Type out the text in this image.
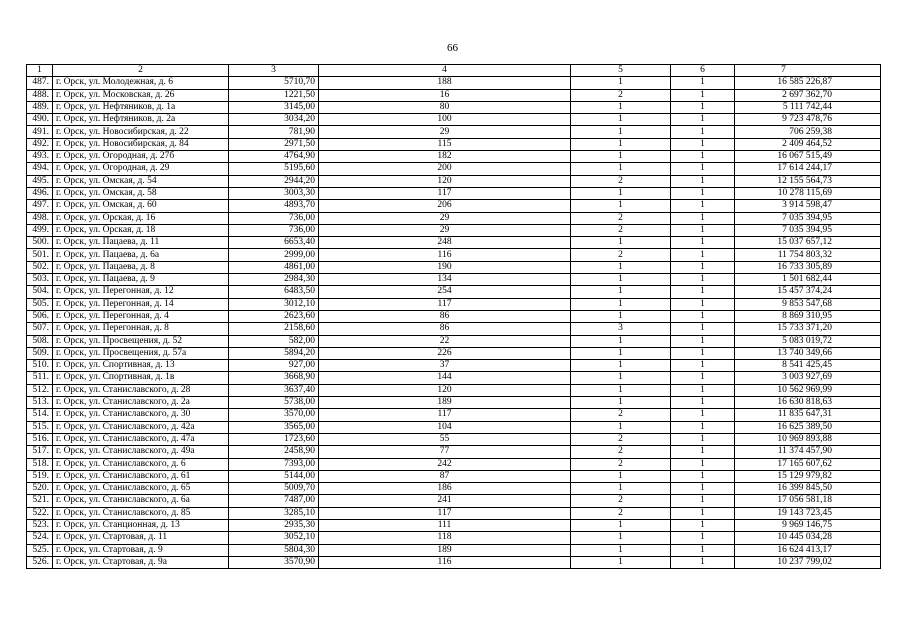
66
1	2	3	4	5	6	7
487.	г. Орск, ул. Молодежная, д. 6	5710,70	188	1	1	16 585 226,87
488.	г. Орск, ул. Московская, д. 26	1221,50	16	2	1	2 697 362,70
489.	г. Орск, ул. Нефтяников, д. 1а	3145,00	80	1	1	5 111 742,44
490.	г. Орск, ул. Нефтяников, д. 2а	3034,20	100	1	1	9 723 478,76
491.	г. Орск, ул. Новосибирская, д. 22	781,90	29	1	1	706 259,38
492.	г. Орск, ул. Новосибирская, д. 84	2971,50	115	1	1	2 409 464,52
493.	г. Орск, ул. Огородная, д. 27б	4764,90	182	1	1	16 067 515,49
494.	г. Орск, ул. Огородная, д. 29	5195,60	200	1	1	17 614 244,17
495.	г. Орск, ул. Омская, д. 54	2944,20	120	2	1	12 155 564,73
496.	г. Орск, ул. Омская, д. 58	3003,30	117	1	1	10 278 115,69
497.	г. Орск, ул. Омская, д. 60	4893,70	206	1	1	3 914 598,47
498.	г. Орск, ул. Орская, д. 16	736,00	29	2	1	7 035 394,95
499.	г. Орск, ул. Орская, д. 18	736,00	29	2	1	7 035 394,95
500.	г. Орск, ул. Пацаева, д. 11	6653,40	248	1	1	15 037 657,12
501.	г. Орск, ул. Пацаева, д. 6а	2999,00	116	2	1	11 754 803,32
502.	г. Орск, ул. Пацаева, д. 8	4861,00	190	1	1	16 733 305,89
503.	г. Орск, ул. Пацаева, д. 9	2984,30	134	1	1	1 501 682,44
504.	г. Орск, ул. Перегонная, д. 12	6483,50	254	1	1	15 457 374,24
505.	г. Орск, ул. Перегонная, д. 14	3012,10	117	1	1	9 853 547,68
506.	г. Орск, ул. Перегонная, д. 4	2623,60	86	1	1	8 869 310,95
507.	г. Орск, ул. Перегонная, д. 8	2158,60	86	3	1	15 733 371,20
508.	г. Орск, ул. Просвещения, д. 52	582,00	22	1	1	5 083 019,72
509.	г. Орск, ул. Просвещения, д. 57а	5894,20	226	1	1	13 740 349,66
510.	г. Орск, ул. Спортивная, д. 13	927,00	37	1	1	8 541 425,45
511.	г. Орск, ул. Спортивная, д. 1в	3668,90	144	1	1	3 003 927,69
512.	г. Орск, ул. Станиславского, д. 28	3637,40	120	1	1	10 562 969,99
513.	г. Орск, ул. Станиславского, д. 2а	5738,00	189	1	1	16 630 818,63
514.	г. Орск, ул. Станиславского, д. 30	3570,00	117	2	1	11 835 647,31
515.	г. Орск, ул. Станиславского, д. 42а	3565,00	104	1	1	16 625 389,50
516.	г. Орск, ул. Станиславского, д. 47а	1723,60	55	2	1	10 969 893,88
517.	г. Орск, ул. Станиславского, д. 49а	2458,90	77	2	1	11 374 457,90
518.	г. Орск, ул. Станиславского, д. 6	7393,00	242	2	1	17 165 607,62
519.	г. Орск, ул. Станиславского, д. 61	5144,00	87	1	1	15 129 979,82
520.	г. Орск, ул. Станиславского, д. 65	5009,70	186	1	1	16 399 845,50
521.	г. Орск, ул. Станиславского, д. 6а	7487,00	241	2	1	17 056 581,18
522.	г. Орск, ул. Станиславского, д. 85	3285,10	117	2	1	19 143 723,45
523.	г. Орск, ул. Станционная, д. 13	2935,30	111	1	1	9 969 146,75
524.	г. Орск, ул. Стартовая, д. 11	3052,10	118	1	1	10 445 034,28
525.	г. Орск, ул. Стартовая, д. 9	5804,30	189	1	1	16 624 413,17
526.	г. Орск, ул. Стартовая, д. 9а	3570,90	116	1	1	10 237 799,02
